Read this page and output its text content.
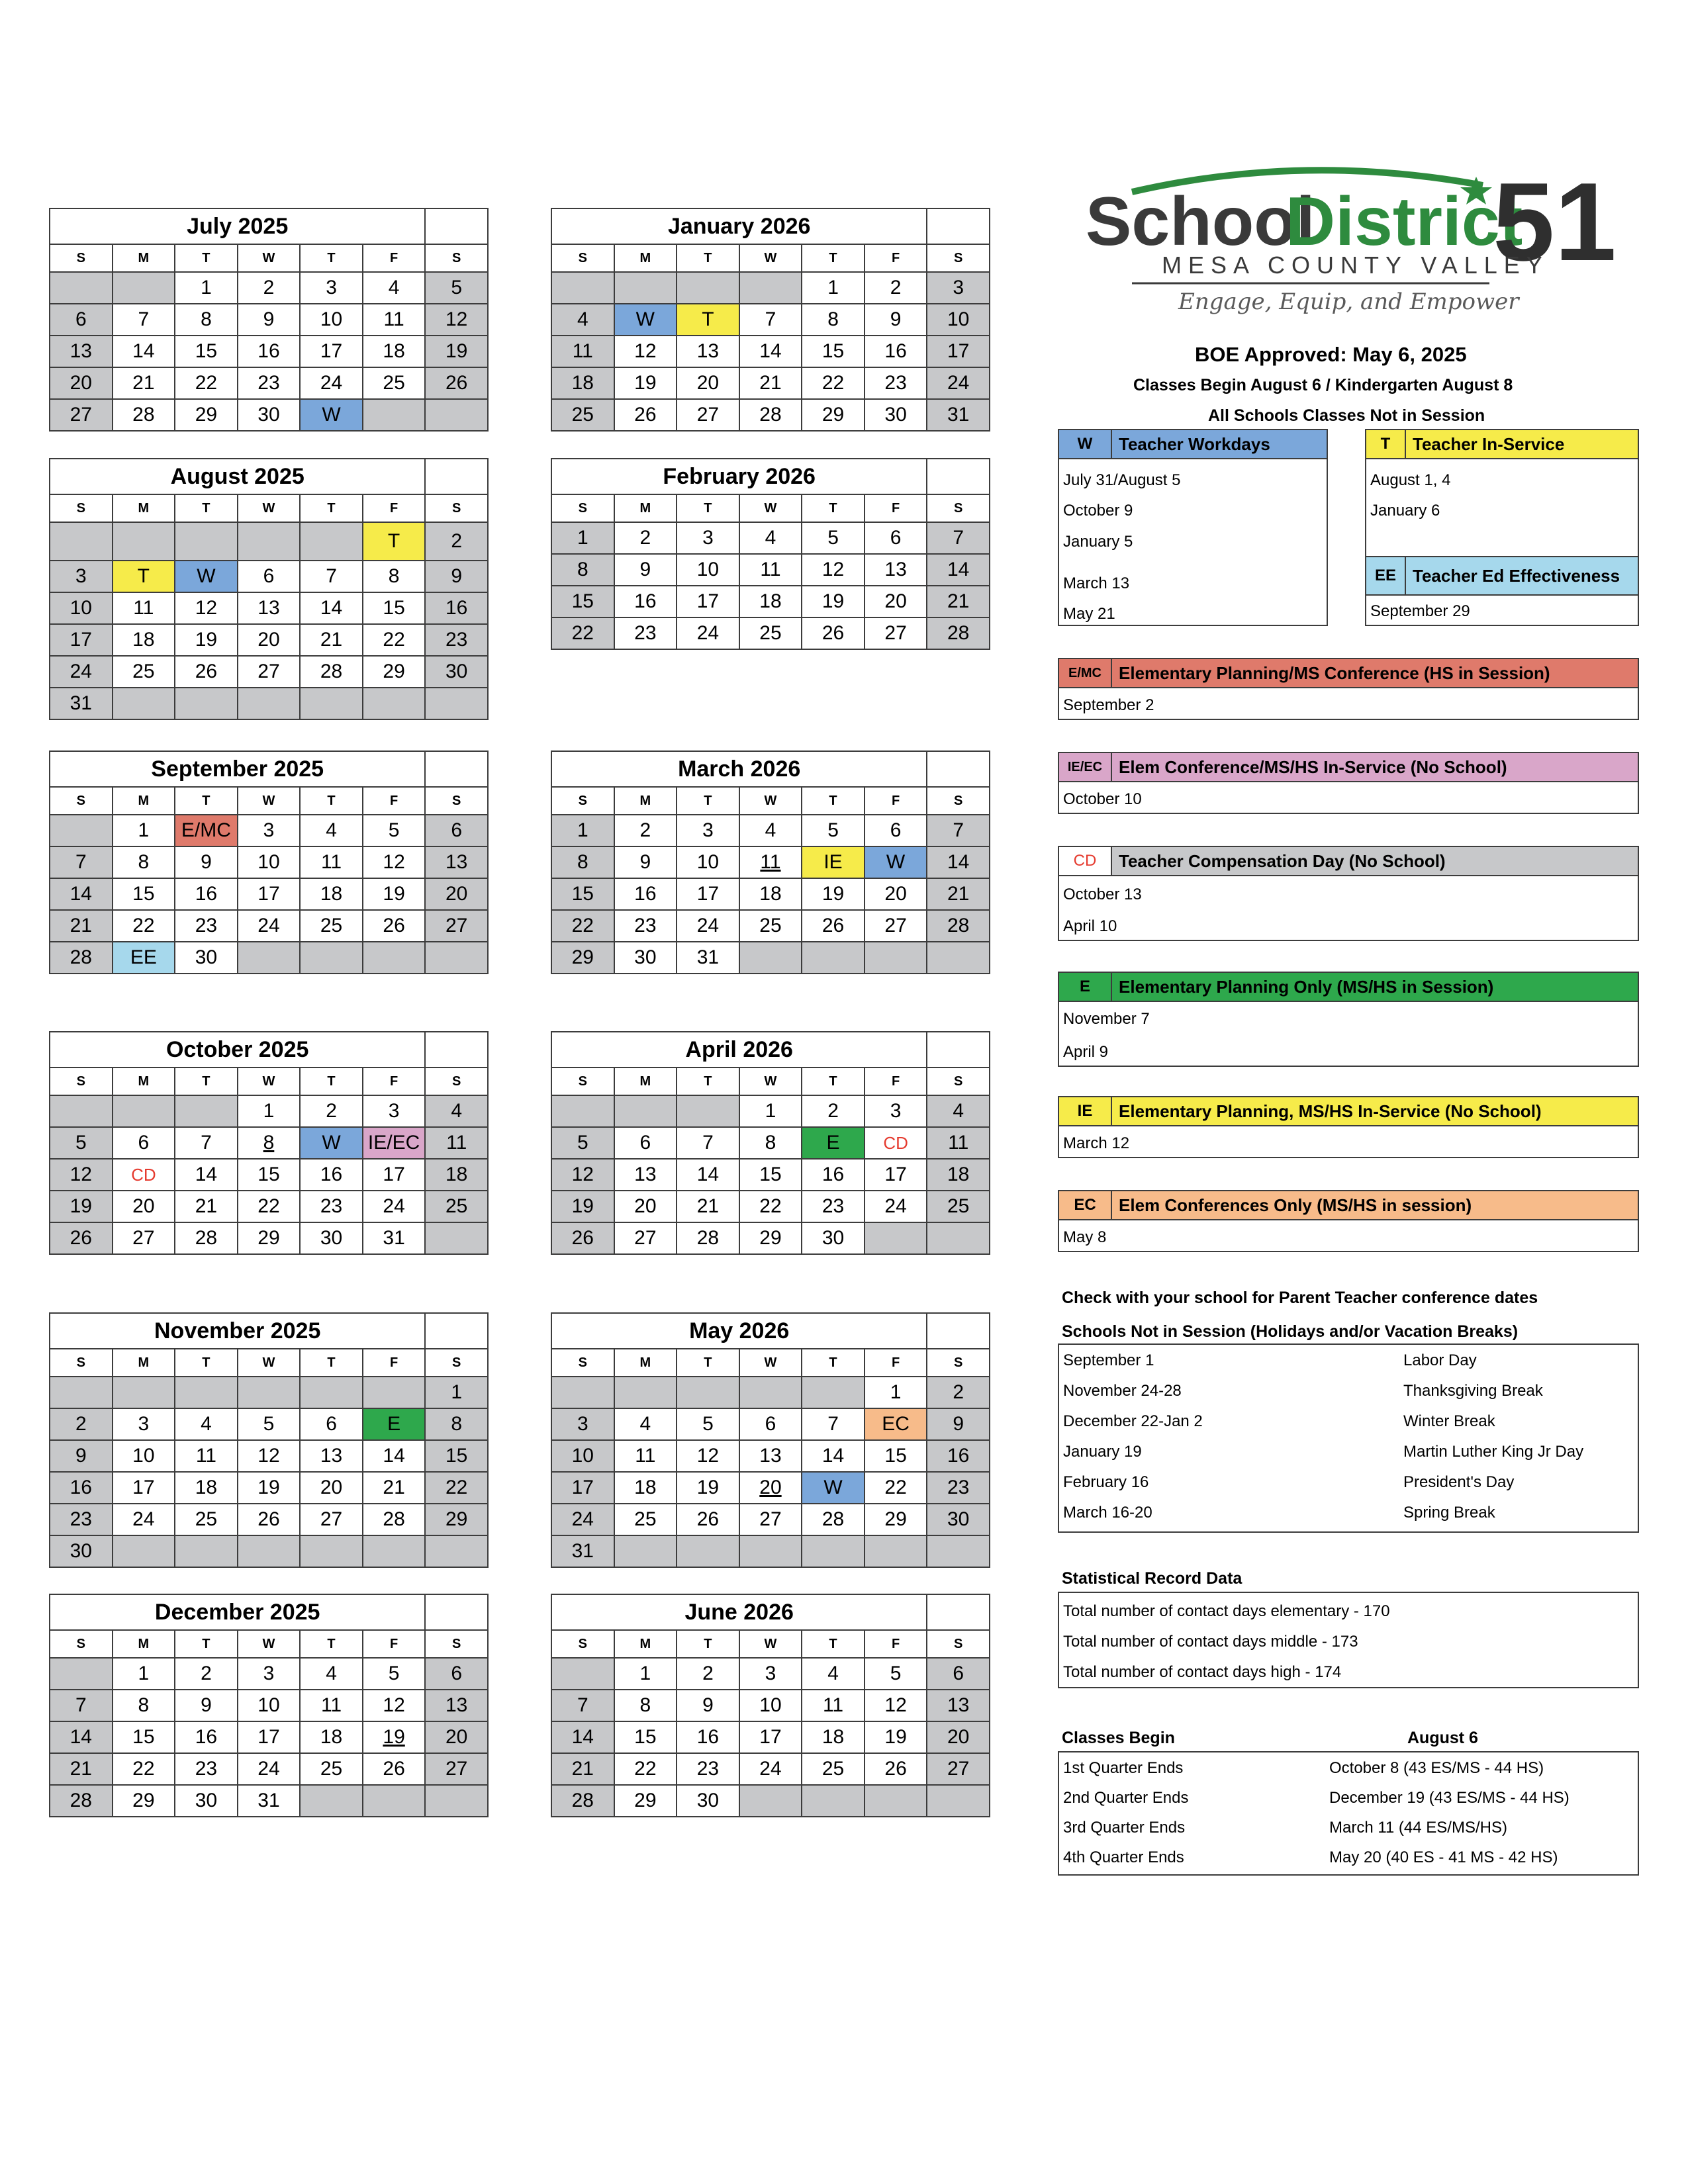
July 2025						
S	M	T	W	T	F	S
		1	2	3	4	5
6	7	8	9	10	11	12
13	14	15	16	17	18	19
20	21	22	23	24	25	26
27	28	29	30	W		
August 2025						
S	M	T	W	T	F	S
					T	2
3	T	W	6	7	8	9
10	11	12	13	14	15	16
17	18	19	20	21	22	23
24	25	26	27	28	29	30
31						
September 2025						
S	M	T	W	T	F	S
	1	E/MC	3	4	5	6
7	8	9	10	11	12	13
14	15	16	17	18	19	20
21	22	23	24	25	26	27
28	EE	30				
October 2025						
S	M	T	W	T	F	S
			1	2	3	4
5	6	7	8	W	IE/EC	11
12	CD	14	15	16	17	18
19	20	21	22	23	24	25
26	27	28	29	30	31	
November 2025						
S	M	T	W	T	F	S
						1
2	3	4	5	6	E	8
9	10	11	12	13	14	15
16	17	18	19	20	21	22
23	24	25	26	27	28	29
30						
December 2025						
S	M	T	W	T	F	S
	1	2	3	4	5	6
7	8	9	10	11	12	13
14	15	16	17	18	19	20
21	22	23	24	25	26	27
28	29	30	31			
January 2026						
S	M	T	W	T	F	S
				1	2	3
4	W	T	7	8	9	10
11	12	13	14	15	16	17
18	19	20	21	22	23	24
25	26	27	28	29	30	31
February 2026						
S	M	T	W	T	F	S
1	2	3	4	5	6	7
8	9	10	11	12	13	14
15	16	17	18	19	20	21
22	23	24	25	26	27	28
March 2026						
S	M	T	W	T	F	S
1	2	3	4	5	6	7
8	9	10	11	IE	W	14
15	16	17	18	19	20	21
22	23	24	25	26	27	28
29	30	31				
April 2026						
S	M	T	W	T	F	S
			1	2	3	4
5	6	7	8	E	CD	11
12	13	14	15	16	17	18
19	20	21	22	23	24	25
26	27	28	29	30		
May 2026						
S	M	T	W	T	F	S
					1	2
3	4	5	6	7	EC	9
10	11	12	13	14	15	16
17	18	19	20	W	22	23
24	25	26	27	28	29	30
31						
June 2026						
S	M	T	W	T	F	S
	1	2	3	4	5	6
7	8	9	10	11	12	13
14	15	16	17	18	19	20
21	22	23	24	25	26	27
28	29	30				
School
District
51
MESA COUNTY VALLEY
Engage, Equip, and Empower
BOE Approved: May 6, 2025
Classes Begin August 6 / Kindergarten August 8
All Schools Classes Not in Session
W	Teacher Workdays
July 31/August 5
October 9
January 5
March 13
May 21
T	Teacher In-Service
August 1, 4
January 6
EE Teacher Ed Effectiveness
September 29
E/MC	Elementary Planning/MS Conference (HS in Session)
September 2
IE/EC Elem Conference/MS/HS In-Service (No School)
October 10
CD	Teacher Compensation Day (No School)
October 13
April 10
E	Elementary Planning Only (MS/HS in Session)
November 7
April 9
IE	Elementary Planning, MS/HS In-Service (No School)
March 12
EC	Elem Conferences Only (MS/HS in session)
May 8
Check with your school for Parent Teacher conference dates
Schools Not in Session (Holidays and/or Vacation Breaks)
September 1	Labor Day
November 24-28	Thanksgiving Break
December 22-Jan 2	Winter Break
January 19	Martin Luther King Jr Day
February 16	President's Day
March 16-20	Spring Break
Statistical Record Data
Total number of contact days elementary - 170
Total number of contact days middle - 173
Total number of contact days high - 174
Classes Begin	August 6
1st Quarter Ends	October 8 (43 ES/MS - 44 HS)
2nd Quarter Ends	December 19 (43 ES/MS - 44 HS)
3rd Quarter Ends	March 11 (44 ES/MS/HS)
4th Quarter Ends	May 20 (40 ES - 41 MS - 42 HS)
